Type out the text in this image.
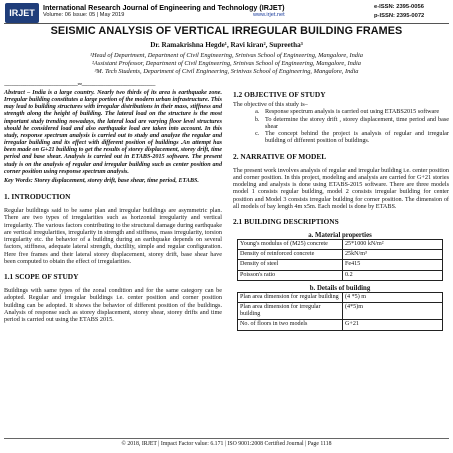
IRJET
International Research Journal of Engineering and Technology (IRJET)
Volume: 06 Issue: 05 | May 2019	www.irjet.net
e-ISSN: 2395-0056
p-ISSN: 2395-0072
SEISMIC ANALYSIS OF VERTICAL IRREGULAR BUILDING FRAMES
Dr. Ramakrishna Hegde¹, Ravi kiran², Supreetha³
¹Head of Department, Department of Civil Engineering, Srinivas School of Engineering, Mangalore, India
²Assistant Professor, Department of Civil Engineering, Srinivas School of Engineering, Mangalore, India
³M. Tech Students, Department of Civil Engineering, Srinivas School of Engineering, Mangalore, India
---------------------------------------------------------------------***---------------------------------------------------------------------

Abstract – India is a large country. Nearly two thirds of its area is earthquake zone. Irregular building constitutes a large portion of the modern urban infrastructure. This may lead to building structures with irregular distributions in their mass, stiffness and strength along the height of building. The lateral load on the structure is the most important study trending nowadays, the lateral load are varying floor level structures should be considered load and also earthquake load are taken into account. In this study, response spectrum analysis is carried out to study and analyze the regular and irregular building and its effect with different position of buildings .An attempt has been made on G+21 building to get the results of storey displacement, storey drift, time period and base shear. Analysis is carried out in ETABS-2015 software. The present study is on the analysis of regular and irregular building such as center position and corner position using response spectrum analysis.

Key Words: Storey displacement, storey drift, base shear, time period, ETABS.

1. INTRODUCTION

Regular buildings said to be same plan and irregular buildings are asymmetric plan. There are two types of irregularities such as horizontal irregularity and vertical irregularity. The various factors contributing to the structural damage during earthquake are vertical irregularities, irregularity in strength and stiffness, mass irregularity, torsion irregularity etc. the behavior of a building during an earthquake depends on several factors, stiffness, adequate lateral strength, ductility, simple and regular configuration. Here five frames and their lateral storey displacement, storey drift, base shear have been computed to obtain the effect of irregularities.

1.1 SCOPE OF STUDY

Buildings with same types of the zonal condition and for the same category can be adopted. Regular and irregular buildings i.e. center position and corner position building can be adopted. It shows the behavior of different position of the buildings. Analysis of response such as storey displacement, storey shear, storey drifts and time period is carried out using the ETABS 2015.

1.2 OBJECTIVE OF STUDY

The objective of this study is–

a. Response spectrum analysis is carried out using ETABS2015 software
b. To determine the storey drift , storey displacement, time period and base shear
c. The concept behind the project is analysis of regular and irregular building of different position of buildings.
2. NARRATIVE OF MODEL

The present work involves analysis of regular and irregular building i.e. center position and corner position. In this project, modeling and analysis are carried for G+21 stories modeling and analysis is done using ETABS-2015 software. There are three models model 1 consists regular building, model 2 consists irregular building for center position and Model 3 consists irregular building for corner position. The dimension of all models of bay length 4m x5m. Each model is done by ETABS.

2.1 BUILDING DESCRIPTIONS

a. Material properties	

Young's modulus of (M25) concrete	25*1000 kN/m²
Density of reinforced concrete	25kN/m³
Density of steel	Fe415
Poisson's ratio	0.2

b. Details of building	

Plan area dimension for regular building	(4 *5) m
Plan area dimension for irregular building	(4*5)m
No. of floors in two models	G+21
© 2018, IRJET | Impact Factor value: 6.171 | ISO 9001:2008 Certified Journal | Page 1118
